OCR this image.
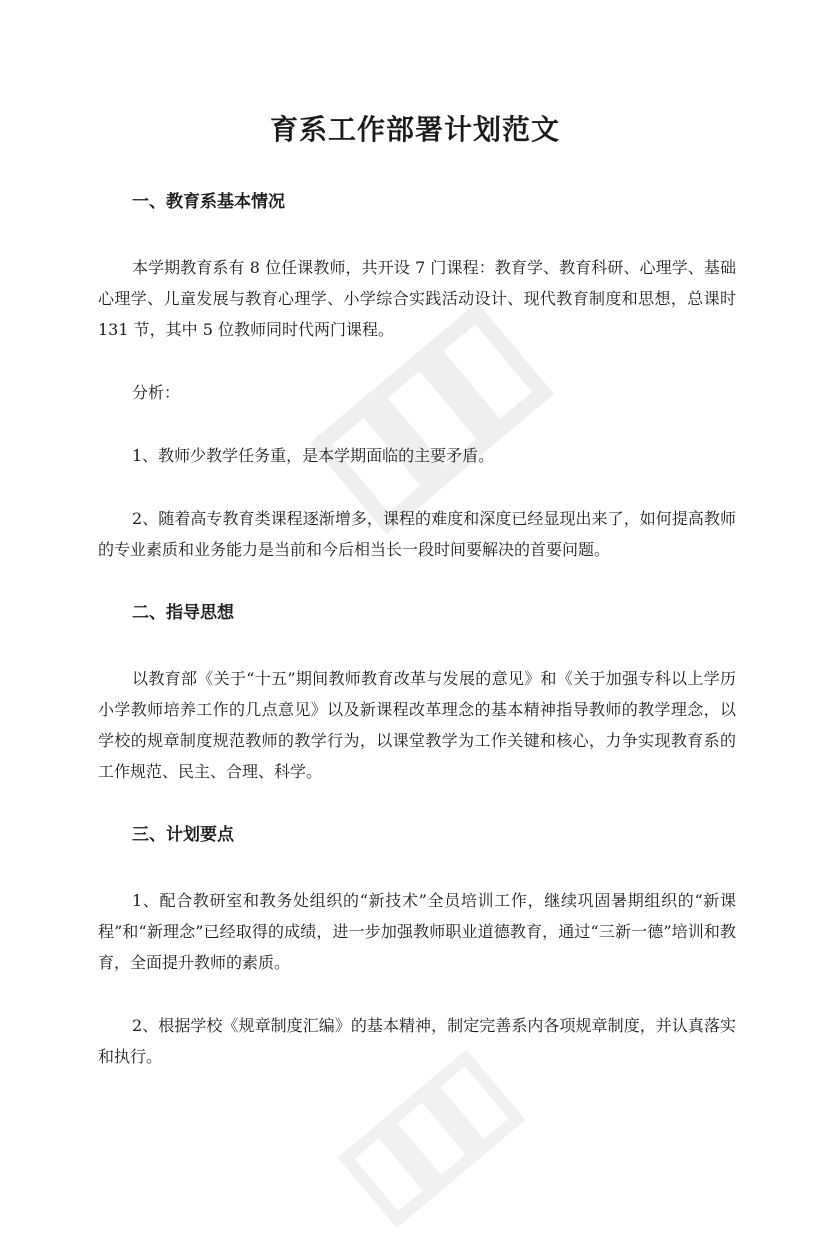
育系工作部署计划范文
一、教育系基本情况

本学期教育系有 8 位任课教师，共开设 7 门课程：教育学、教育科研、心理学、基础心理学、儿童发展与教育心理学、小学综合实践活动设计、现代教育制度和思想，总课时 131 节，其中 5 位教师同时代两门课程。

分析：

1、教师少教学任务重，是本学期面临的主要矛盾。

2、随着高专教育类课程逐渐增多，课程的难度和深度已经显现出来了，如何提高教师的专业素质和业务能力是当前和今后相当长一段时间要解决的首要问题。

二、指导思想

以教育部《关于“十五”期间教师教育改革与发展的意见》和《关于加强专科以上学历小学教师培养工作的几点意见》以及新课程改革理念的基本精神指导教师的教学理念，以学校的规章制度规范教师的教学行为，以课堂教学为工作关键和核心，力争实现教育系的工作规范、民主、合理、科学。

三、计划要点

1、配合教研室和教务处组织的“新技术”全员培训工作，继续巩固暑期组织的“新课程”和“新理念”已经取得的成绩，进一步加强教师职业道德教育，通过“三新一德”培训和教育，全面提升教师的素质。

2、根据学校《规章制度汇编》的基本精神，制定完善系内各项规章制度，并认真落实和执行。
